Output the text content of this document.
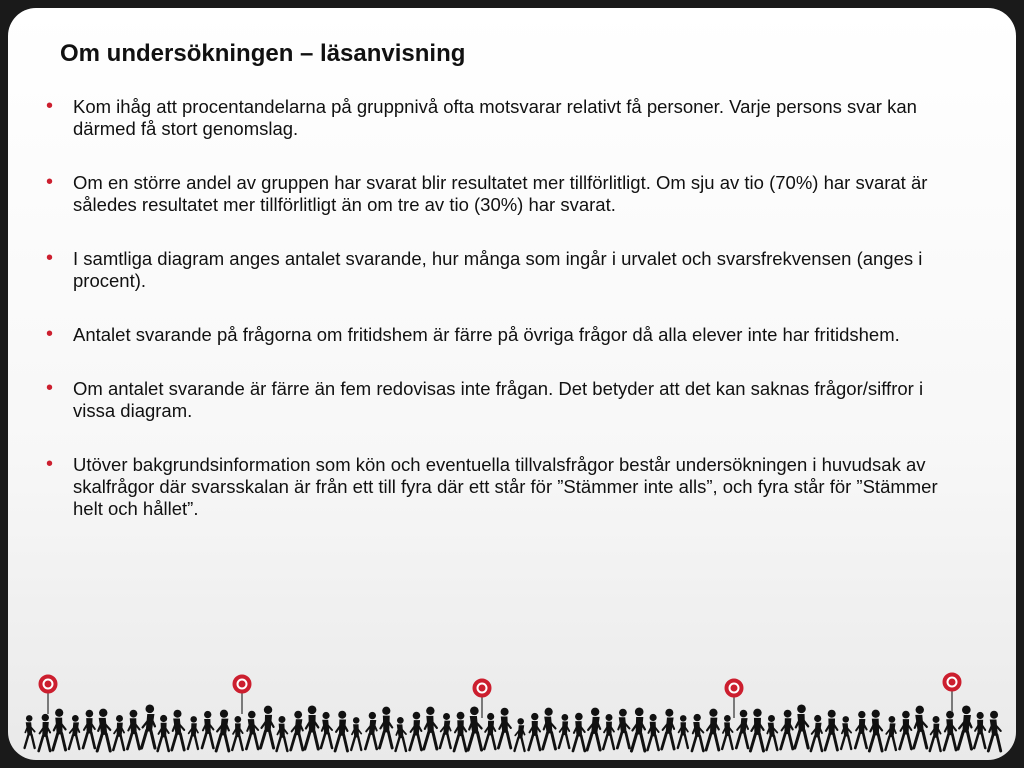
Om undersökningen – läsanvisning
• Kom ihåg att procentandelarna på gruppnivå ofta motsvarar relativt få personer. Varje persons svar kan därmed få stort genomslag.
• Om en större andel av gruppen har svarat blir resultatet mer tillförlitligt. Om sju av tio (70%) har svarat är således resultatet mer tillförlitligt än om tre av tio (30%) har svarat.
• I samtliga diagram anges antalet svarande, hur många som ingår i urvalet och svarsfrekvensen (anges i procent).
• Antalet svarande på frågorna om fritidshem är färre på övriga frågor då alla elever inte har fritidshem.
• Om antalet svarande är färre än fem redovisas inte frågan. Det betyder att det kan saknas frågor/siffror i vissa diagram.
• Utöver bakgrundsinformation som kön och eventuella tillvalsfrågor består undersökningen i huvudsak av skalfrågor där svarsskalan är från ett till fyra där ett står för ”Stämmer inte alls”, och fyra står för ”Stämmer helt och hållet”.
